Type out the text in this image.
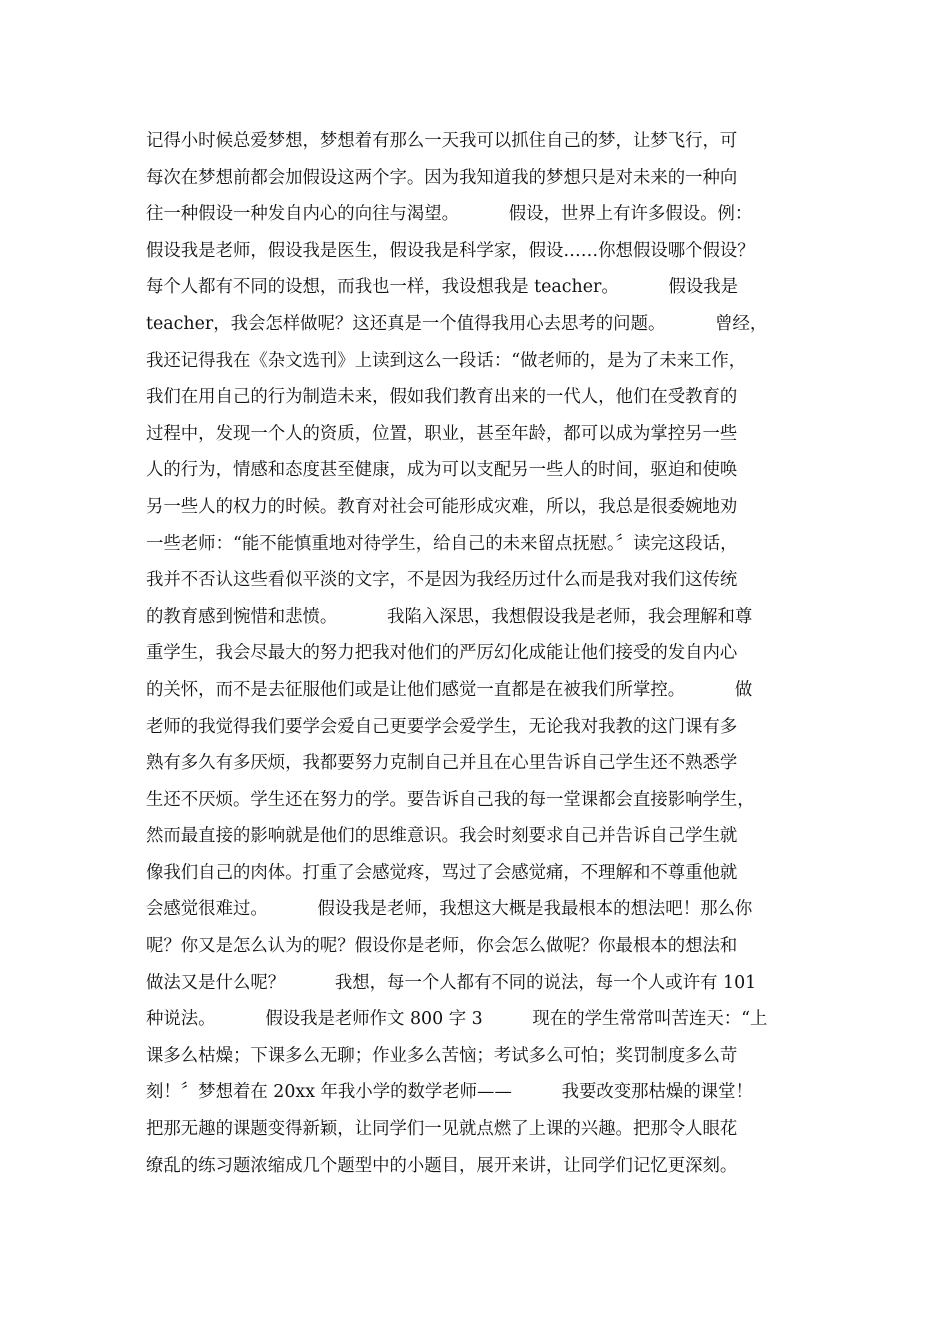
记得小时候总爱梦想，梦想着有那么一天我可以抓住自己的梦，让梦飞行，可
每次在梦想前都会加假设这两个字。因为我知道我的梦想只是对未来的一种向
往一种假设一种发自内心的向往与渴望。         假设，世界上有许多假设。例：
假设我是老师，假设我是医生，假设我是科学家，假设……你想假设哪个假设？
每个人都有不同的设想，而我也一样，我设想我是 teacher。         假设我是
teacher，我会怎样做呢？这还真是一个值得我用心去思考的问题。         曾经，
我还记得我在《杂文选刊》上读到这么一段话：“做老师的，是为了未来工作，
我们在用自己的行为制造未来，假如我们教育出来的一代人，他们在受教育的
过程中，发现一个人的资质，位置，职业，甚至年龄，都可以成为掌控另一些
人的行为，情感和态度甚至健康，成为可以支配另一些人的时间，驱迫和使唤
另一些人的权力的时候。教育对社会可能形成灾难，所以，我总是很委婉地劝
一些老师：“能不能慎重地对待学生，给自己的未来留点抚慰。〞读完这段话，
我并不否认这些看似平淡的文字，不是因为我经历过什么而是我对我们这传统
的教育感到惋惜和悲愤。         我陷入深思，我想假设我是老师，我会理解和尊
重学生，我会尽最大的努力把我对他们的严厉幻化成能让他们接受的发自内心
的关怀，而不是去征服他们或是让他们感觉一直都是在被我们所掌控。         做
老师的我觉得我们要学会爱自己更要学会爱学生，无论我对我教的这门课有多
熟有多久有多厌烦，我都要努力克制自己并且在心里告诉自己学生还不熟悉学
生还不厌烦。学生还在努力的学。要告诉自己我的每一堂课都会直接影响学生，
然而最直接的影响就是他们的思维意识。我会时刻要求自己并告诉自己学生就
像我们自己的肉体。打重了会感觉疼，骂过了会感觉痛，不理解和不尊重他就
会感觉很难过。         假设我是老师，我想这大概是我最根本的想法吧！那么你
呢？你又是怎么认为的呢？假设你是老师，你会怎么做呢？你最根本的想法和
做法又是什么呢？         我想，每一个人都有不同的说法，每一个人或许有 101
种说法。         假设我是老师作文 800 字 3         现在的学生常常叫苦连天：“上
课多么枯燥；下课多么无聊；作业多么苦恼；考试多么可怕；奖罚制度多么苛
刻！〞梦想着在 20xx 年我小学的数学老师——         我要改变那枯燥的课堂！
把那无趣的课题变得新颖，让同学们一见就点燃了上课的兴趣。把那令人眼花
缭乱的练习题浓缩成几个题型中的小题目，展开来讲，让同学们记忆更深刻。
